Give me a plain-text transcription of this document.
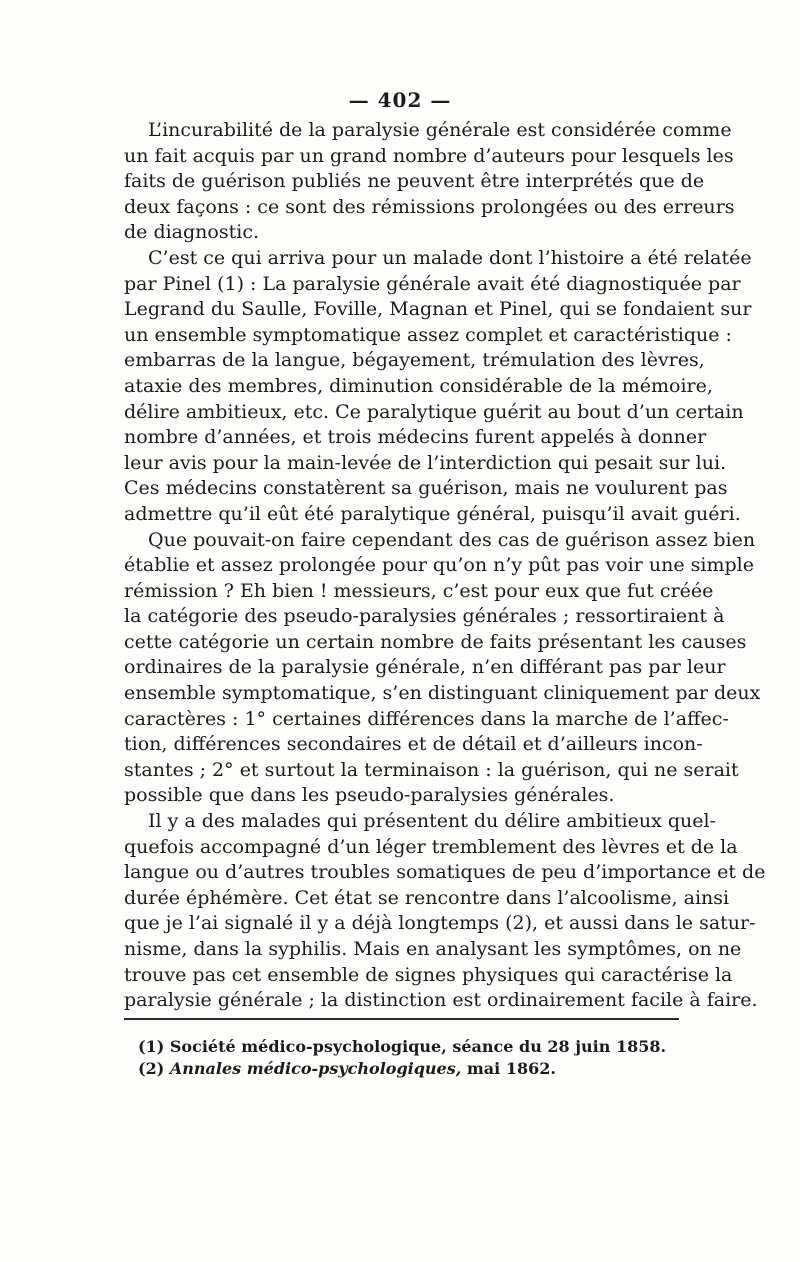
— 402 —
L’incurabilité de la paralysie générale est considérée comme
un fait acquis par un grand nombre d’auteurs pour lesquels les
faits de guérison publiés ne peuvent être interprétés que de
deux façons : ce sont des rémissions prolongées ou des erreurs
de diagnostic.
C’est ce qui arriva pour un malade dont l’histoire a été relatée
par Pinel (1) : La paralysie générale avait été diagnostiquée par
Legrand du Saulle, Foville, Magnan et Pinel, qui se fondaient sur
un ensemble symptomatique assez complet et caractéristique :
embarras de la langue, bégayement, trémulation des lèvres,
ataxie des membres, diminution considérable de la mémoire,
délire ambitieux, etc. Ce paralytique guérit au bout d’un certain
nombre d’années, et trois médecins furent appelés à donner
leur avis pour la main-levée de l’interdiction qui pesait sur lui.
Ces médecins constatèrent sa guérison, mais ne voulurent pas
admettre qu’il eût été paralytique général, puisqu’il avait guéri.
Que pouvait-on faire cependant des cas de guérison assez bien
établie et assez prolongée pour qu’on n’y pût pas voir une simple
rémission ? Eh bien ! messieurs, c’est pour eux que fut créée
la catégorie des pseudo-paralysies générales ; ressortiraient à
cette catégorie un certain nombre de faits présentant les causes
ordinaires de la paralysie générale, n’en différant pas par leur
ensemble symptomatique, s’en distinguant cliniquement par deux
caractères : 1° certaines différences dans la marche de l’affec-
tion, différences secondaires et de détail et d’ailleurs incon-
stantes ; 2° et surtout la terminaison : la guérison, qui ne serait
possible que dans les pseudo-paralysies générales.
Il y a des malades qui présentent du délire ambitieux quel-
quefois accompagné d’un léger tremblement des lèvres et de la
langue ou d’autres troubles somatiques de peu d’importance et de
durée éphémère. Cet état se rencontre dans l’alcoolisme, ainsi
que je l’ai signalé il y a déjà longtemps (2), et aussi dans le satur-
nisme, dans la syphilis. Mais en analysant les symptômes, on ne
trouve pas cet ensemble de signes physiques qui caractérise la
paralysie générale ; la distinction est ordinairement facile à faire.
(1) Société médico-psychologique, séance du 28 juin 1858.
(2) Annales médico-psychologiques, mai 1862.
